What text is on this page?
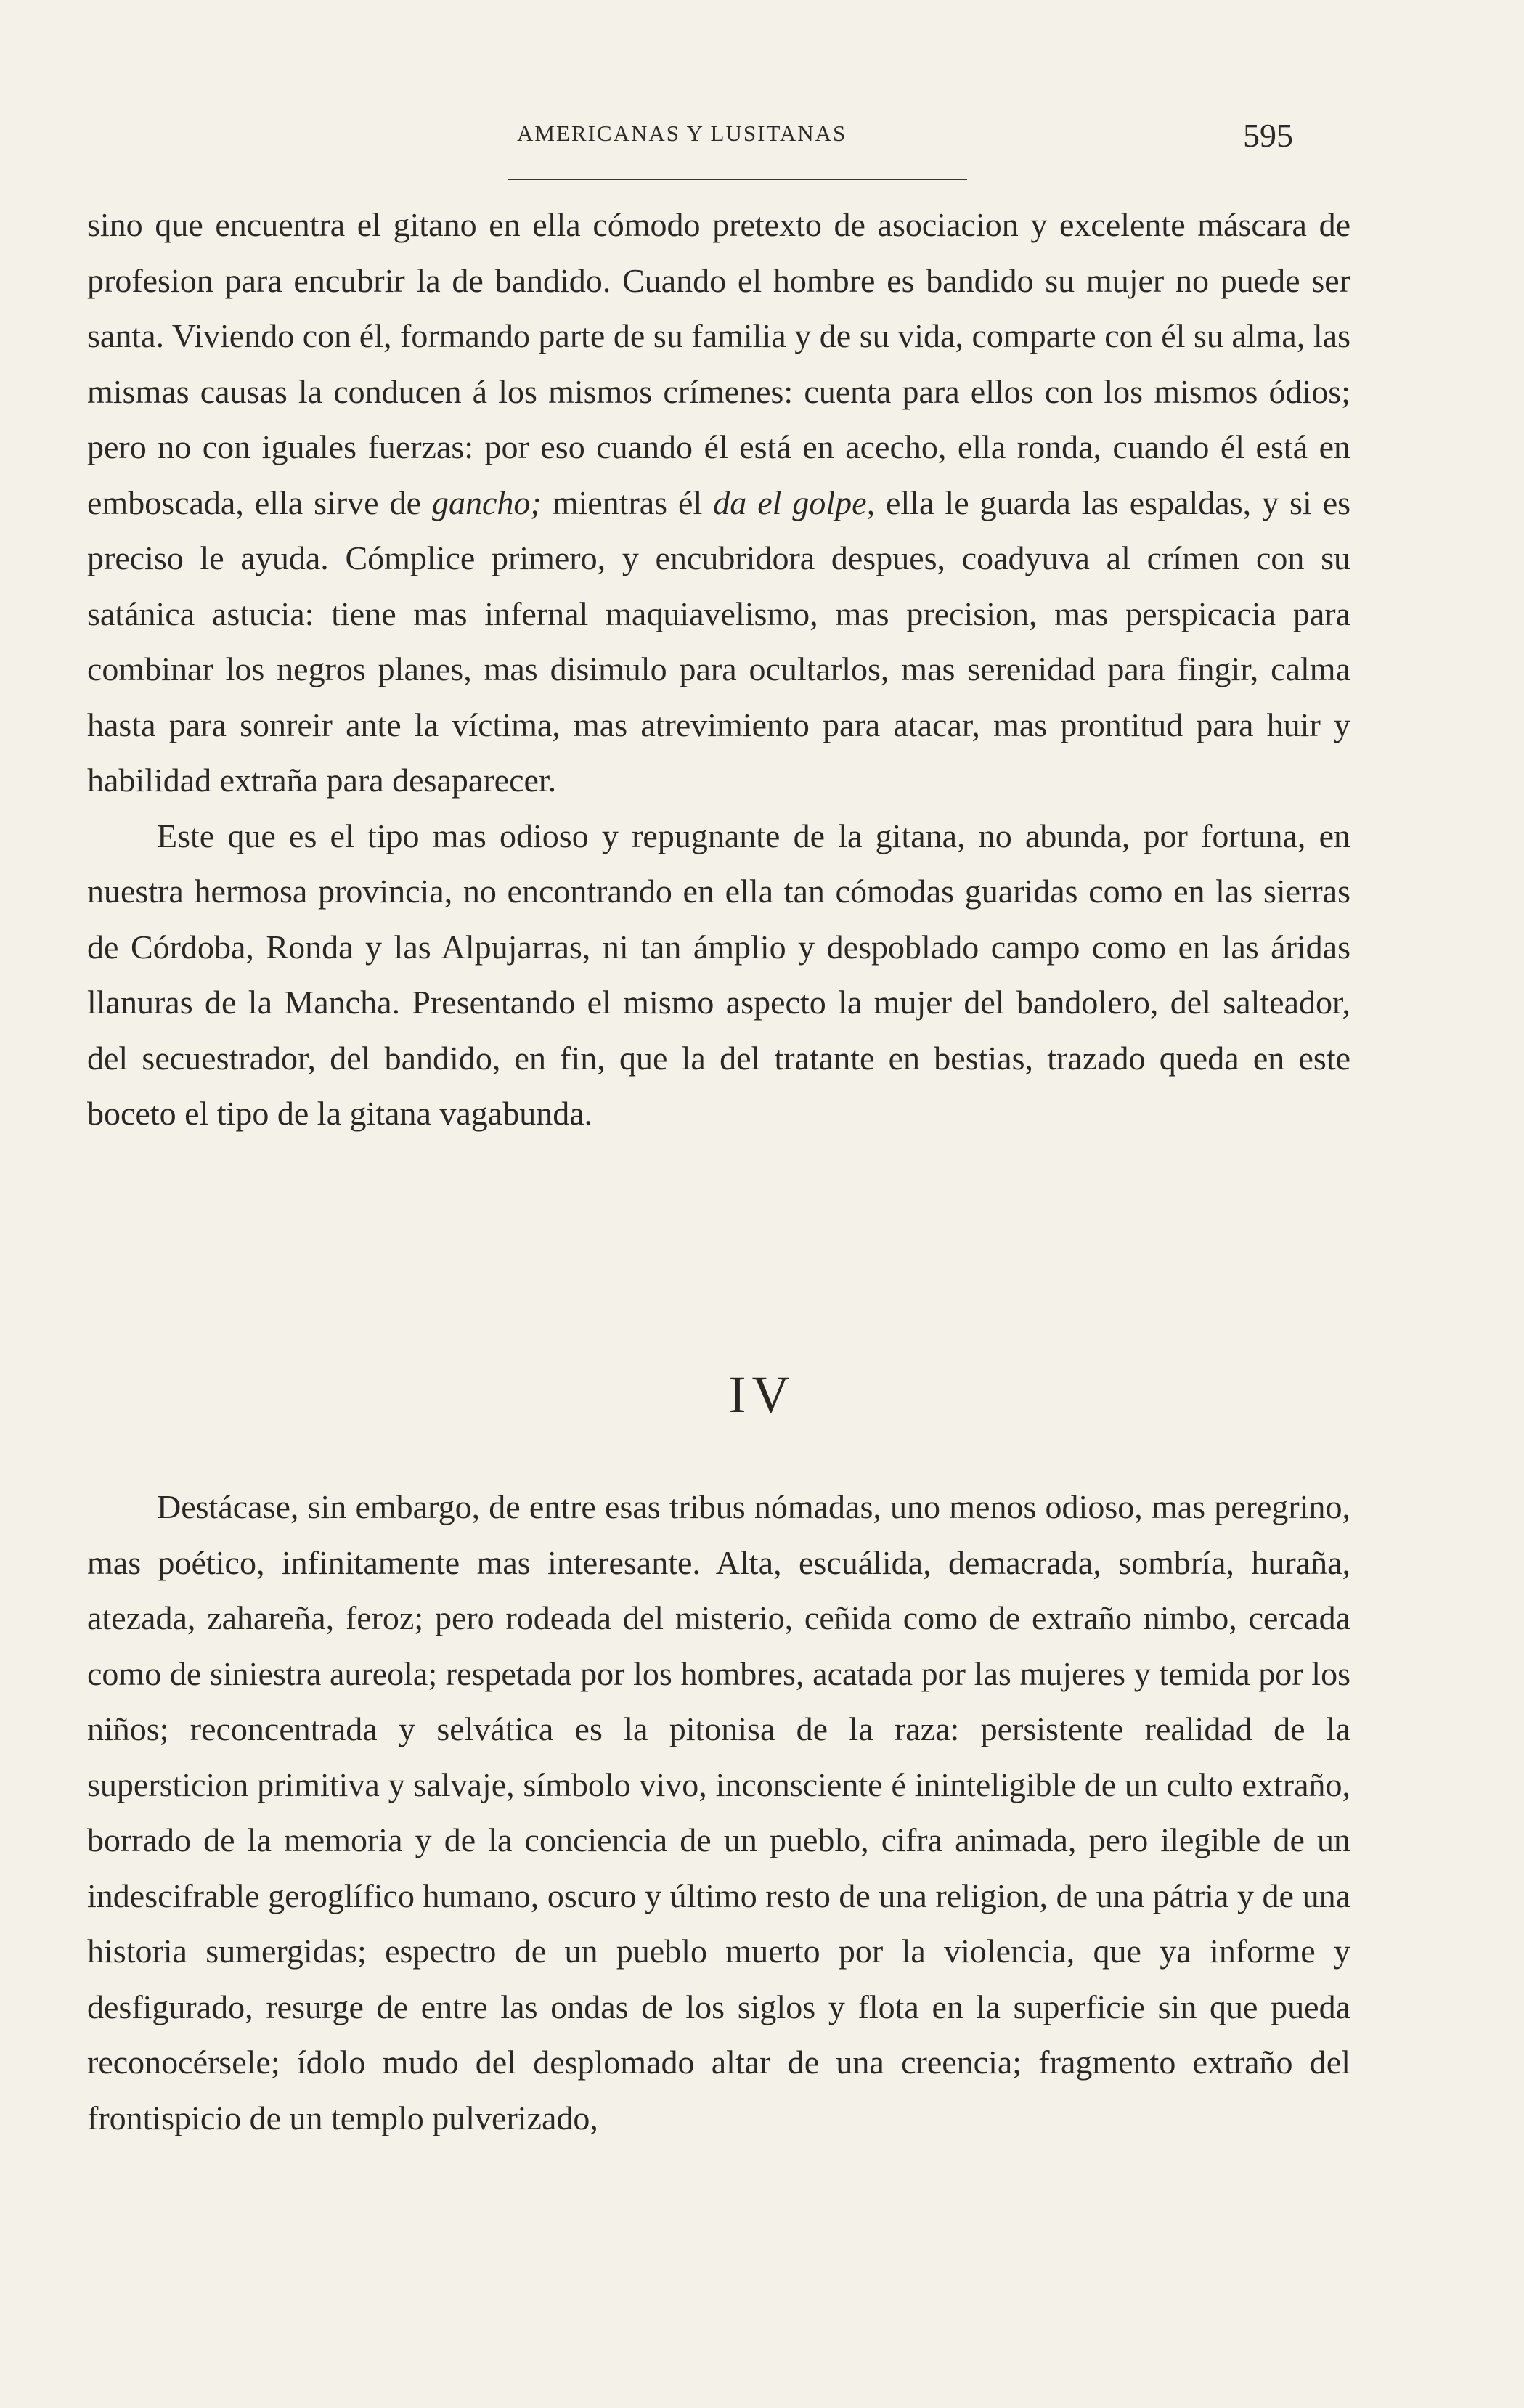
AMERICANAS Y LUSITANAS	595

sino que encuentra el gitano en ella cómodo pretexto de asociacion y excelente máscara de profesion para encubrir la de bandido. Cuando el hombre es bandido su mujer no puede ser santa. Viviendo con él, formando parte de su familia y de su vida, comparte con él su alma, las mismas causas la conducen á los mismos crímenes: cuenta para ellos con los mismos ódios; pero no con iguales fuerzas: por eso cuando él está en acecho, ella ronda, cuando él está en emboscada, ella sirve de gancho; mientras él da el golpe, ella le guarda las espaldas, y si es preciso le ayuda. Cómplice primero, y encubridora despues, coadyuva al crímen con su satánica astucia: tiene mas infernal maquiavelismo, mas precision, mas perspicacia para combinar los negros planes, mas disimulo para ocultarlos, mas serenidad para fingir, calma hasta para sonreir ante la víctima, mas atrevimiento para atacar, mas prontitud para huir y habilidad extraña para desaparecer.

Este que es el tipo mas odioso y repugnante de la gitana, no abunda, por fortuna, en nuestra hermosa provincia, no encontrando en ella tan cómodas guaridas como en las sierras de Córdoba, Ronda y las Alpujarras, ni tan ámplio y despoblado campo como en las áridas llanuras de la Mancha. Presentando el mismo aspecto la mujer del bandolero, del salteador, del secuestrador, del bandido, en fin, que la del tratante en bestias, trazado queda en este boceto el tipo de la gitana vagabunda.

IV

Destácase, sin embargo, de entre esas tribus nómadas, uno menos odioso, mas peregrino, mas poético, infinitamente mas interesante. Alta, escuálida, demacrada, sombría, huraña, atezada, zahareña, feroz; pero rodeada del misterio, ceñida como de extraño nimbo, cercada como de siniestra aureola; respetada por los hombres, acatada por las mujeres y temida por los niños; reconcentrada y selvática es la pitonisa de la raza: persistente realidad de la supersticion primitiva y salvaje, símbolo vivo, inconsciente é ininteligible de un culto extraño, borrado de la memoria y de la conciencia de un pueblo, cifra animada, pero ilegible de un indescifrable geroglífico humano, oscuro y último resto de una religion, de una pátria y de una historia sumergidas; espectro de un pueblo muerto por la violencia, que ya informe y desfigurado, resurge de entre las ondas de los siglos y flota en la superficie sin que pueda reconocérsele; ídolo mudo del desplomado altar de una creencia; fragmento extraño del frontispicio de un templo pulverizado,
